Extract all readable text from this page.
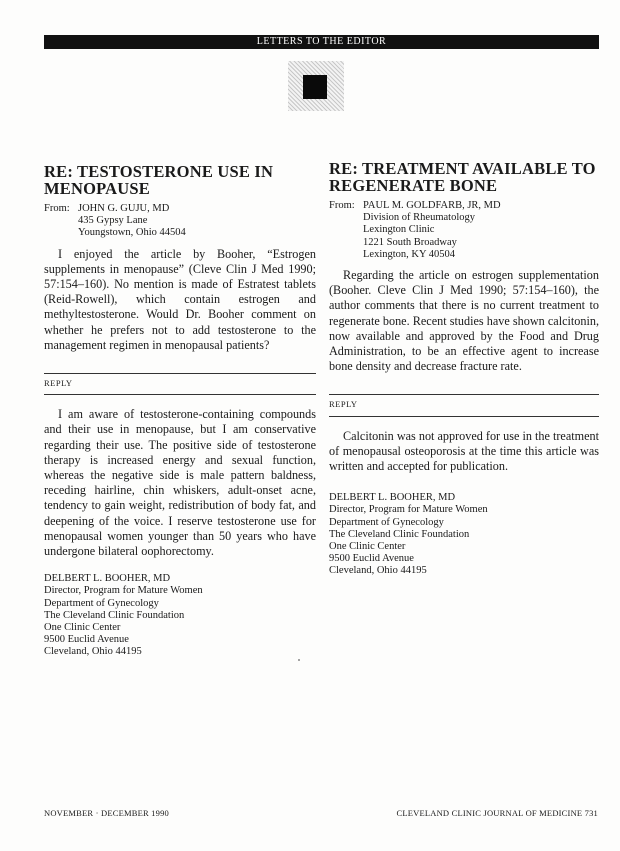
LETTERS TO THE EDITOR
RE: TESTOSTERONE USE IN
MENOPAUSE
From: JOHN G. GUJU, MD
435 Gypsy Lane
Youngstown, Ohio 44504

I enjoyed the article by Booher, “Estrogen supplements in menopause” (Cleve Clin J Med 1990; 57:154–160). No mention is made of Estratest tablets (Reid-Rowell), which contain estrogen and methyltestosterone. Would Dr. Booher comment on whether he prefers not to add testosterone to the management regimen in menopausal patients?

REPLY

I am aware of testosterone-containing compounds and their use in menopause, but I am conservative regarding their use. The positive side of testosterone therapy is increased energy and sexual function, whereas the negative side is male pattern baldness, receding hairline, chin whiskers, adult-onset acne, tendency to gain weight, redistribution of body fat, and deepening of the voice. I reserve testosterone use for menopausal women younger than 50 years who have undergone bilateral oophorectomy.

DELBERT L. BOOHER, MD
Director, Program for Mature Women
Department of Gynecology
The Cleveland Clinic Foundation
One Clinic Center
9500 Euclid Avenue
Cleveland, Ohio 44195
RE: TREATMENT AVAILABLE TO
REGENERATE BONE
From: PAUL M. GOLDFARB, JR, MD
Division of Rheumatology
Lexington Clinic
1221 South Broadway
Lexington, KY 40504

Regarding the article on estrogen supplementation (Booher. Cleve Clin J Med 1990; 57:154–160), the author comments that there is no current treatment to regenerate bone. Recent studies have shown calcitonin, now available and approved by the Food and Drug Administration, to be an effective agent to increase bone density and decrease fracture rate.

REPLY

Calcitonin was not approved for use in the treatment of menopausal osteoporosis at the time this article was written and accepted for publication.

DELBERT L. BOOHER, MD
Director, Program for Mature Women
Department of Gynecology
The Cleveland Clinic Foundation
One Clinic Center
9500 Euclid Avenue
Cleveland, Ohio 44195
NOVEMBER · DECEMBER 1990	CLEVELAND CLINIC JOURNAL OF MEDICINE 731
